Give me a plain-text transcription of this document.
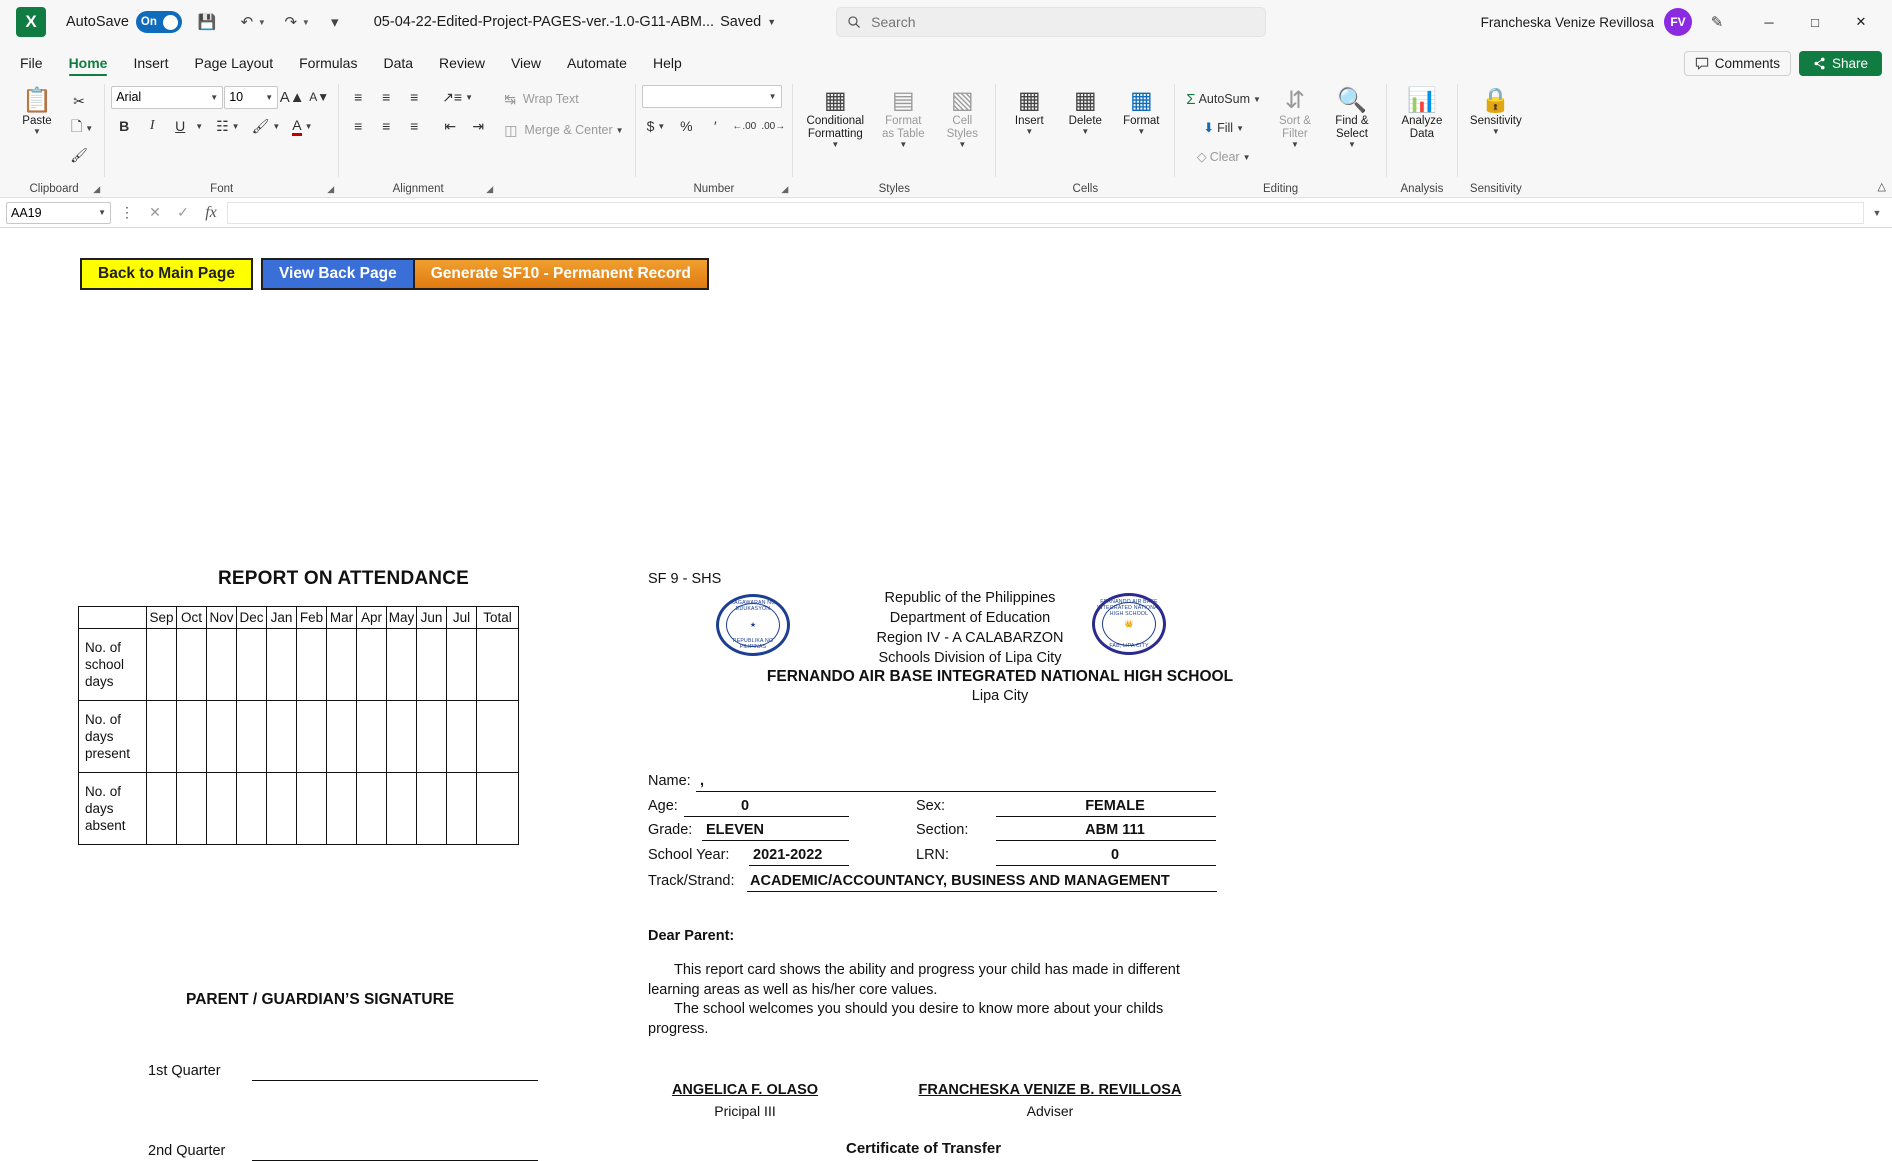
X	AutoSave On	💾	↶ ▼	↷ ▼	▾	05-04-22-Edited-Project-PAGES-ver.-1.0-G11-ABM... Saved ▼
Search	Francheska Venize Revillosa	FV	✎	─	□	✕
File	Home	Insert	Page Layout	Formulas	Data	Review	View	Automate	Help	Comments	Share
📋
Paste
▼
✂
🗋 ▼
🖌
Clipboard	◢
Arial	▼ 10	▼ A▲ A▼
B	I	U	▼ ☷ ▼ 🖌 ▼ A ▼
Font	◢
≡	≡	≡	↗≡ ▼
≡	≡	≡	⇤	⇥
Alignment	◢
↹ Wrap Text
◫ Merge & Center ▼

▼
$ ▼	%	′	←.00 .00→
Number	◢
▦
Conditional Formatting
▼
▤
Format as Table
▼
▧
Cell Styles
▼
Styles
▦
Insert
▼
▦
Delete
▼
▦
Format
▼
Cells
Σ AutoSum ▼
⬇ Fill ▼
◇ Clear ▼
⇵
Sort & Filter
▼
🔍
Find & Select
▼
Editing
📊
Analyze Data
Analysis
🔒
Sensitivity
▼
Sensitivity	△
AA19	▼	⋮	✕	✓	fx	▼
Back to Main Page	View Back Page	Generate SF10 - Permanent Record
REPORT ON ATTENDANCE
	Sep	Oct	Nov	Dec	Jan	Feb	Mar	Apr	May	Jun	Jul	Total
No. of school days												
No. of days present												
No. of days absent												
PARENT / GUARDIAN’S SIGNATURE
1st Quarter
2nd Quarter
SF 9 - SHS
KAGAWARAN NG EDUKASYON
★
REPUBLIKA NG PILIPINAS
Republic of the Philippines
Department of Education
Region IV - A CALABARZON
Schools Division of Lipa City
FERNANDO AIR BASE INTEGRATED NATIONAL HIGH SCHOOL
👑
FAB, LIPA CITY
FERNANDO AIR BASE INTEGRATED NATIONAL HIGH SCHOOL
Lipa City
Name: ,
Age:	0	Sex:	FEMALE
Grade: ELEVEN	Section:	ABM 111
School Year: 2021-2022	LRN:	0
Track/Strand: ACADEMIC/ACCOUNTANCY, BUSINESS AND MANAGEMENT
Dear Parent:
This report card shows the ability and progress your child has made in different learning areas as well as his/her core values.
The school welcomes you should you desire to know more about your childs progress.
ANGELICA F. OLASO
Pricipal III
FRANCHESKA VENIZE B. REVILLOSA
Adviser
Certificate of Transfer
